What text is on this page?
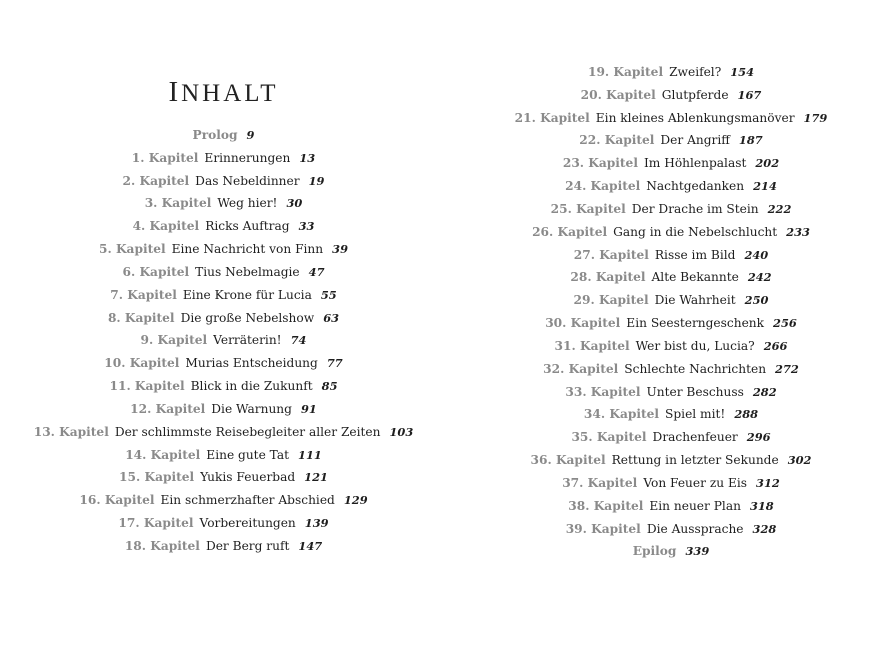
INHALT
Prolog 9
1. Kapitel Erinnerungen 13
2. Kapitel Das Nebeldinner 19
3. Kapitel Weg hier! 30
4. Kapitel Ricks Auftrag 33
5. Kapitel Eine Nachricht von Finn 39
6. Kapitel Tius Nebelmagie 47
7. Kapitel Eine Krone für Lucia 55
8. Kapitel Die große Nebelshow 63
9. Kapitel Verräterin! 74
10. Kapitel Murias Entscheidung 77
11. Kapitel Blick in die Zukunft 85
12. Kapitel Die Warnung 91
13. Kapitel Der schlimmste Reisebegleiter aller Zeiten 103
14. Kapitel Eine gute Tat 111
15. Kapitel Yukis Feuerbad 121
16. Kapitel Ein schmerzhafter Abschied 129
17. Kapitel Vorbereitungen 139
18. Kapitel Der Berg ruft 147
19. Kapitel Zweifel? 154
20. Kapitel Glutpferde 167
21. Kapitel Ein kleines Ablenkungsmanöver 179
22. Kapitel Der Angriff 187
23. Kapitel Im Höhlenpalast 202
24. Kapitel Nachtgedanken 214
25. Kapitel Der Drache im Stein 222
26. Kapitel Gang in die Nebelschlucht 233
27. Kapitel Risse im Bild 240
28. Kapitel Alte Bekannte 242
29. Kapitel Die Wahrheit 250
30. Kapitel Ein Seesterngeschenk 256
31. Kapitel Wer bist du, Lucia? 266
32. Kapitel Schlechte Nachrichten 272
33. Kapitel Unter Beschuss 282
34. Kapitel Spiel mit! 288
35. Kapitel Drachenfeuer 296
36. Kapitel Rettung in letzter Sekunde 302
37. Kapitel Von Feuer zu Eis 312
38. Kapitel Ein neuer Plan 318
39. Kapitel Die Aussprache 328
Epilog 339
